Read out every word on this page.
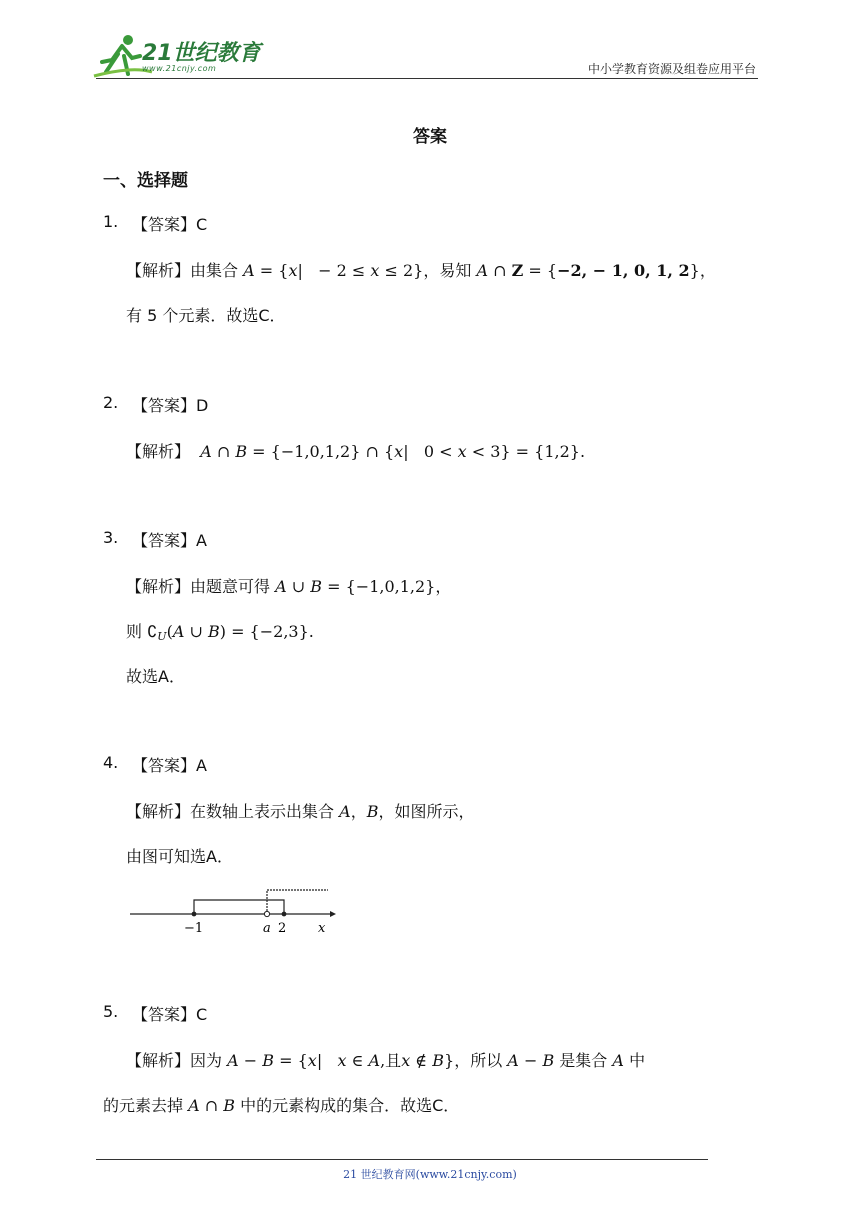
21世纪教育
www.21cnjy.com	中小学教育资源及组卷应用平台
答案
一、选择题
1. 【答案】C
【解析】由集合 A = {x|   − 2 ≤ x ≤ 2}，易知 A ∩ Z = {−2, − 1, 0, 1, 2}，
有 5 个元素．故选C．
2. 【答案】D
【解析】 A ∩ B = {−1,0,1,2} ∩ {x|   0 < x < 3} = {1,2}.
3. 【答案】A
【解析】由题意可得 A ∪ B = {−1,0,1,2}，
则 ∁U(A ∪ B) = {−2,3}.
故选A．
4. 【答案】A
【解析】在数轴上表示出集合 A，B，如图所示，
由图可知选A．
−1	a 2 x
5. 【答案】C
【解析】因为 A − B = {x|   x ∈ A,且x ∉ B}，所以 A − B 是集合 A 中
的元素去掉 A ∩ B 中的元素构成的集合．故选C．
21 世纪教育网(www.21cnjy.com)
